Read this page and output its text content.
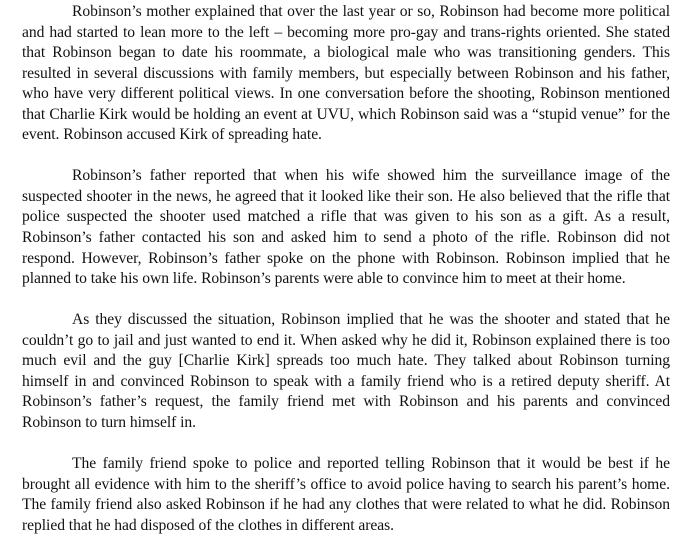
Robinson’s mother explained that over the last year or so, Robinson had become more political and had started to lean more to the left – becoming more pro-gay and trans-rights oriented. She stated that Robinson began to date his roommate, a biological male who was transitioning genders. This resulted in several discussions with family members, but especially between Robinson and his father, who have very different political views. In one conversation before the shooting, Robinson mentioned that Charlie Kirk would be holding an event at UVU, which Robinson said was a “stupid venue” for the event. Robinson accused Kirk of spreading hate.

Robinson’s father reported that when his wife showed him the surveillance image of the suspected shooter in the news, he agreed that it looked like their son. He also believed that the rifle that police suspected the shooter used matched a rifle that was given to his son as a gift. As a result, Robinson’s father contacted his son and asked him to send a photo of the rifle. Robinson did not respond. However, Robinson’s father spoke on the phone with Robinson. Robinson implied that he planned to take his own life. Robinson’s parents were able to convince him to meet at their home.

As they discussed the situation, Robinson implied that he was the shooter and stated that he couldn’t go to jail and just wanted to end it. When asked why he did it, Robinson explained there is too much evil and the guy [Charlie Kirk] spreads too much hate. They talked about Robinson turning himself in and convinced Robinson to speak with a family friend who is a retired deputy sheriff. At Robinson’s father’s request, the family friend met with Robinson and his parents and convinced Robinson to turn himself in.

The family friend spoke to police and reported telling Robinson that it would be best if he brought all evidence with him to the sheriff’s office to avoid police having to search his parent’s home. The family friend also asked Robinson if he had any clothes that were related to what he did. Robinson replied that he had disposed of the clothes in different areas.
